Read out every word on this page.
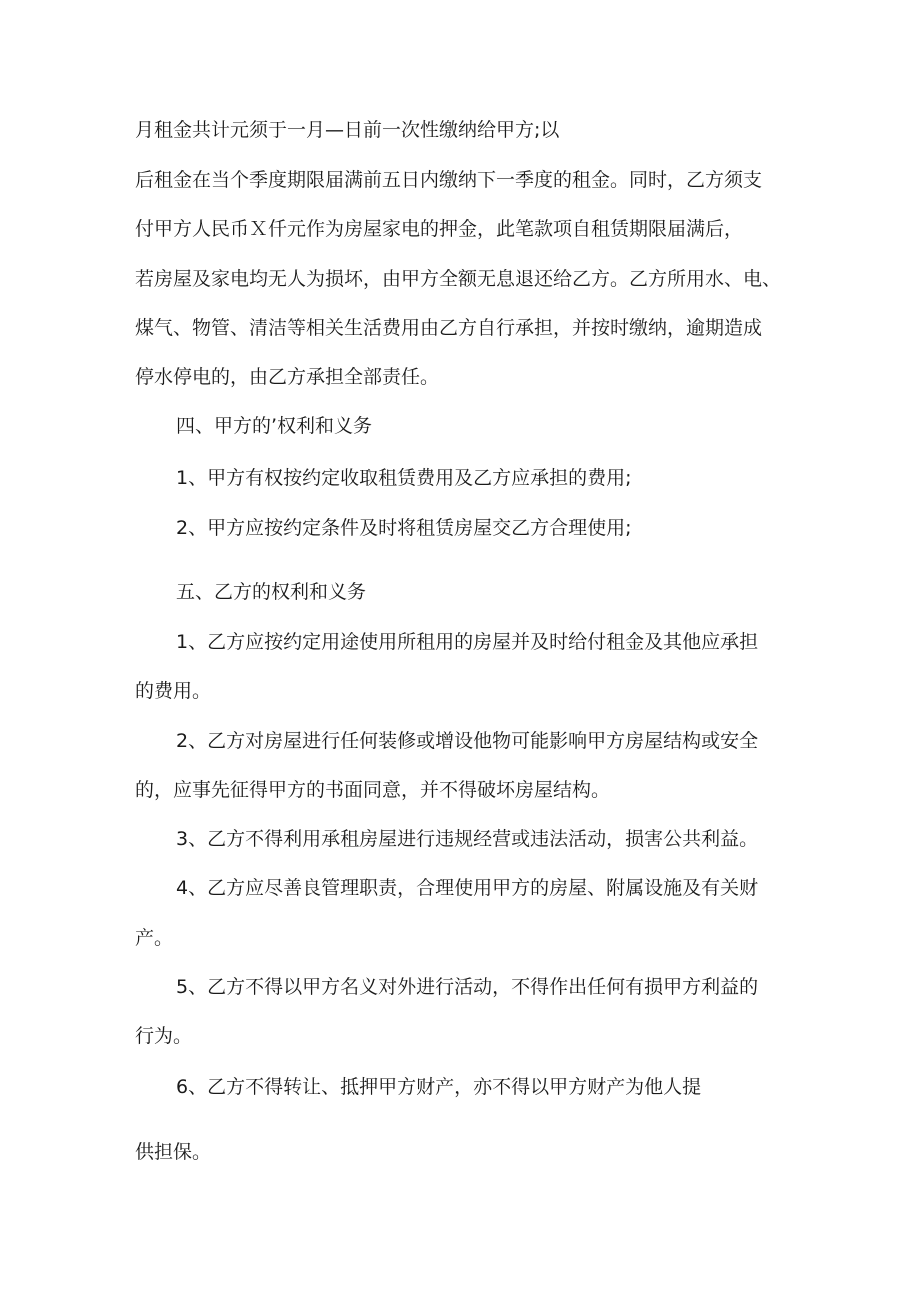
月租金共计元须于一月—日前一次性缴纳给甲方;以

后租金在当个季度期限届满前五日内缴纳下一季度的租金。同时，乙方须支

付甲方人民币Ｘ仟元作为房屋家电的押金，此笔款项自租赁期限届满后，

若房屋及家电均无人为损坏，由甲方全额无息退还给乙方。乙方所用水、电、

煤气、物管、清洁等相关生活费用由乙方自行承担，并按时缴纳，逾期造成

停水停电的，由乙方承担全部责任。

四、甲方的’权利和义务

1、甲方有权按约定收取租赁费用及乙方应承担的费用;

2、甲方应按约定条件及时将租赁房屋交乙方合理使用;

五、乙方的权利和义务

1、乙方应按约定用途使用所租用的房屋并及时给付租金及其他应承担

的费用。

2、乙方对房屋进行任何装修或增设他物可能影响甲方房屋结构或安全

的，应事先征得甲方的书面同意，并不得破坏房屋结构。

3、乙方不得利用承租房屋进行违规经营或违法活动，损害公共利益。

4、乙方应尽善良管理职责，合理使用甲方的房屋、附属设施及有关财

产。

5、乙方不得以甲方名义对外进行活动，不得作出任何有损甲方利益的

行为。

6、乙方不得转让、抵押甲方财产，亦不得以甲方财产为他人提

供担保。
